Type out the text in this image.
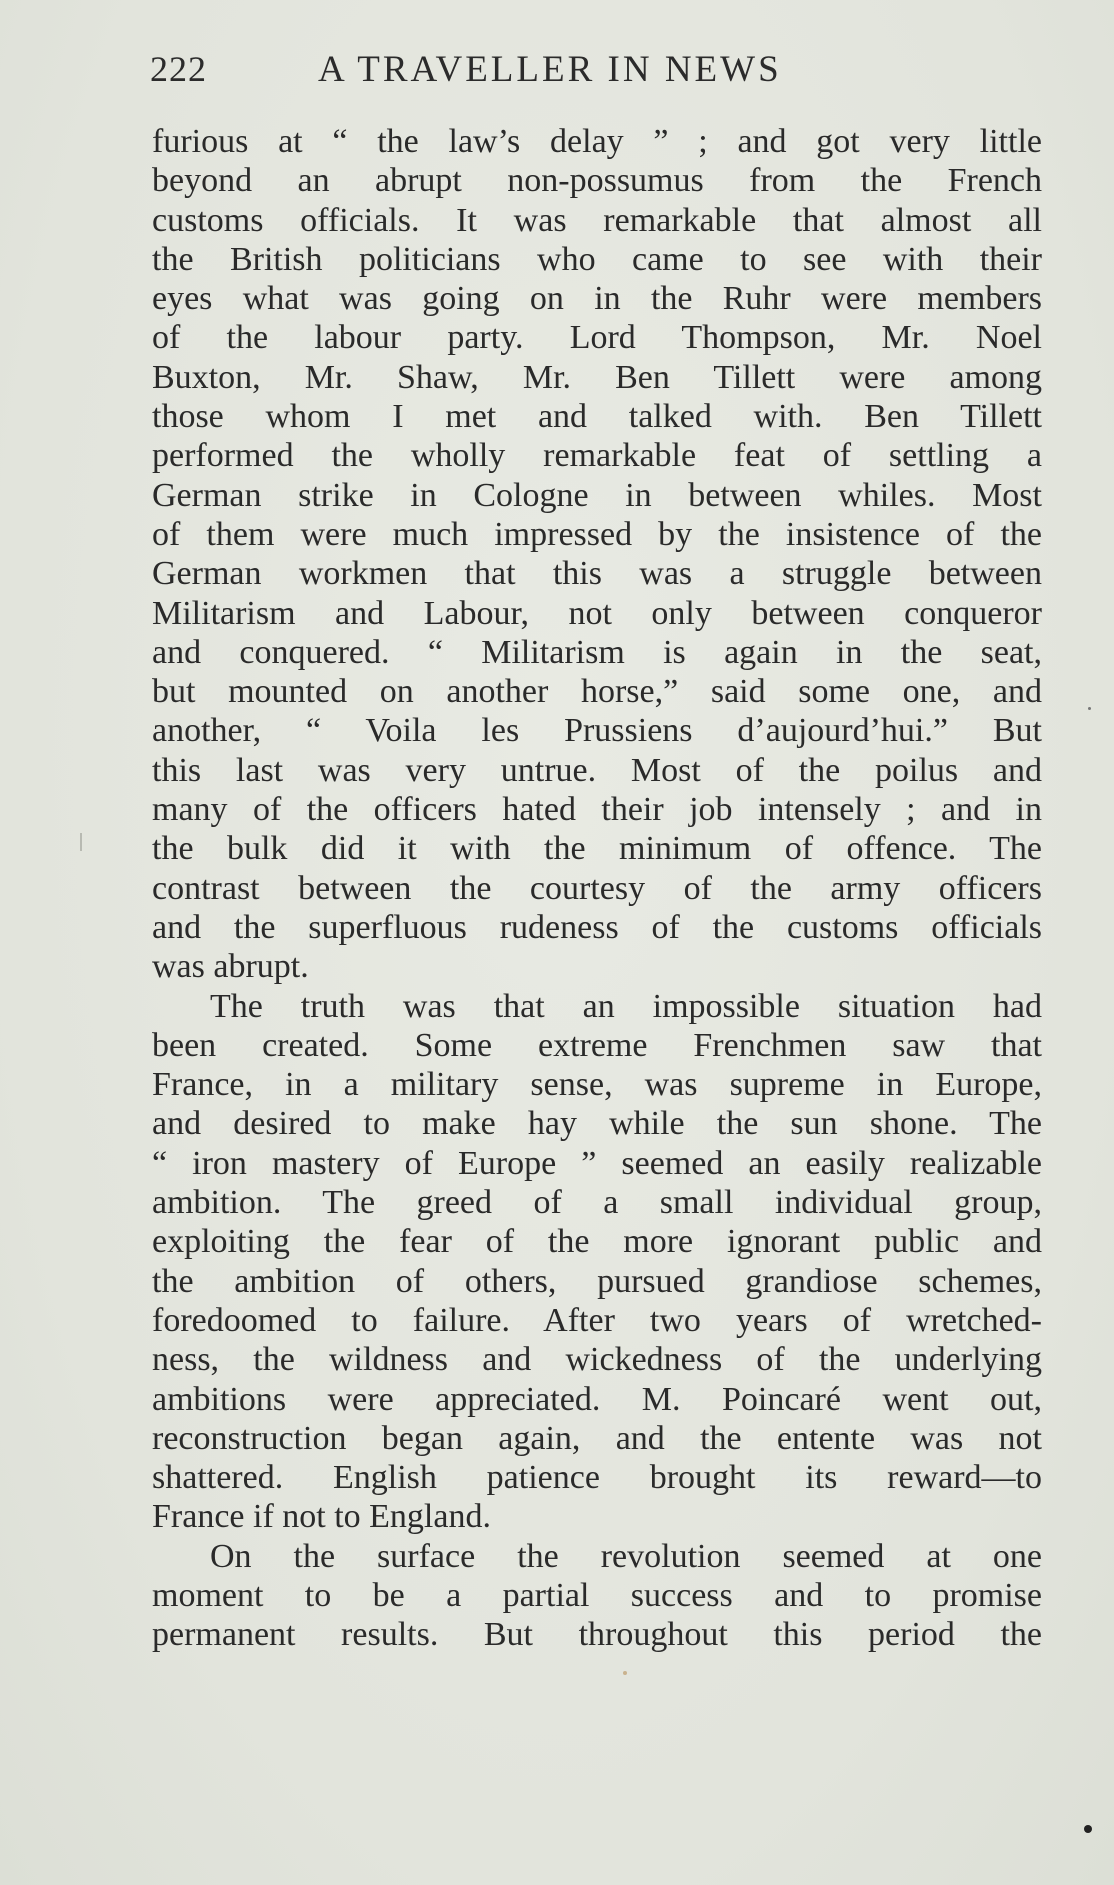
222	A TRAVELLER IN NEWS
furious at “ the law’s delay ” ; and got very little
beyond an abrupt non-possumus from the French
customs officials. It was remarkable that almost all
the British politicians who came to see with their
eyes what was going on in the Ruhr were members
of the labour party. Lord Thompson, Mr. Noel
Buxton, Mr. Shaw, Mr. Ben Tillett were among
those whom I met and talked with. Ben Tillett
performed the wholly remarkable feat of settling a
German strike in Cologne in between whiles. Most
of them were much impressed by the insistence of the
German workmen that this was a struggle between
Militarism and Labour, not only between conqueror
and conquered. “ Militarism is again in the seat,
but mounted on another horse,” said some one, and
another, “ Voila les Prussiens d’aujourd’hui.” But
this last was very untrue. Most of the poilus and
many of the officers hated their job intensely ; and in
the bulk did it with the minimum of offence. The
contrast between the courtesy of the army officers
and the superfluous rudeness of the customs officials
was abrupt.
The truth was that an impossible situation had
been created. Some extreme Frenchmen saw that
France, in a military sense, was supreme in Europe,
and desired to make hay while the sun shone. The
“ iron mastery of Europe ” seemed an easily realizable
ambition. The greed of a small individual group,
exploiting the fear of the more ignorant public and
the ambition of others, pursued grandiose schemes,
foredoomed to failure. After two years of wretched-
ness, the wildness and wickedness of the underlying
ambitions were appreciated. M. Poincaré went out,
reconstruction began again, and the entente was not
shattered. English patience brought its reward—to
France if not to England.
On the surface the revolution seemed at one
moment to be a partial success and to promise
permanent results. But throughout this period the
